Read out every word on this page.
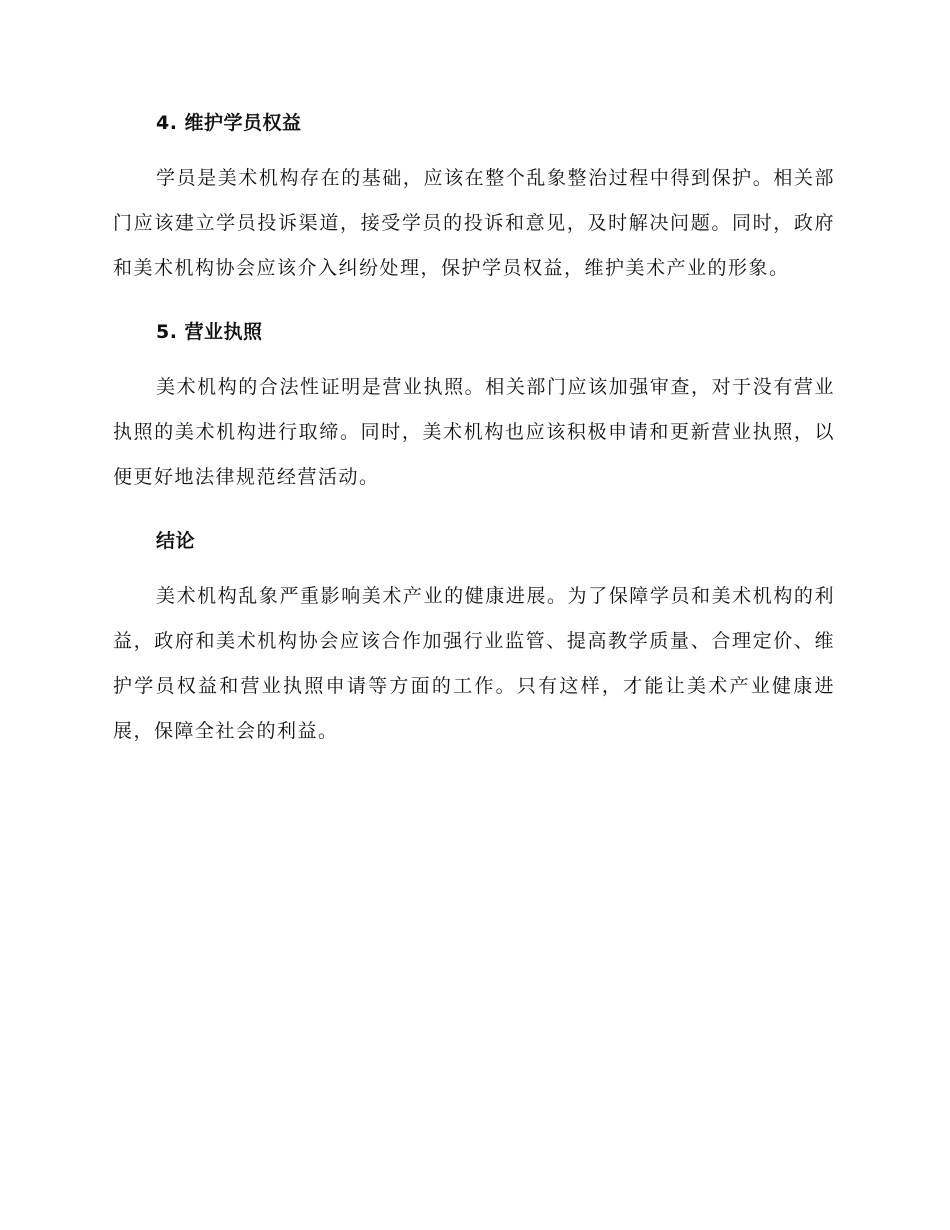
4. 维护学员权益

学员是美术机构存在的基础，应该在整个乱象整治过程中得到保护。相关部门应该建立学员投诉渠道，接受学员的投诉和意见，及时解决问题。同时，政府和美术机构协会应该介入纠纷处理，保护学员权益，维护美术产业的形象。

5. 营业执照

美术机构的合法性证明是营业执照。相关部门应该加强审查，对于没有营业执照的美术机构进行取缔。同时，美术机构也应该积极申请和更新营业执照，以便更好地法律规范经营活动。

结论

美术机构乱象严重影响美术产业的健康进展。为了保障学员和美术机构的利益，政府和美术机构协会应该合作加强行业监管、提高教学质量、合理定价、维护学员权益和营业执照申请等方面的工作。只有这样，才能让美术产业健康进展，保障全社会的利益。
